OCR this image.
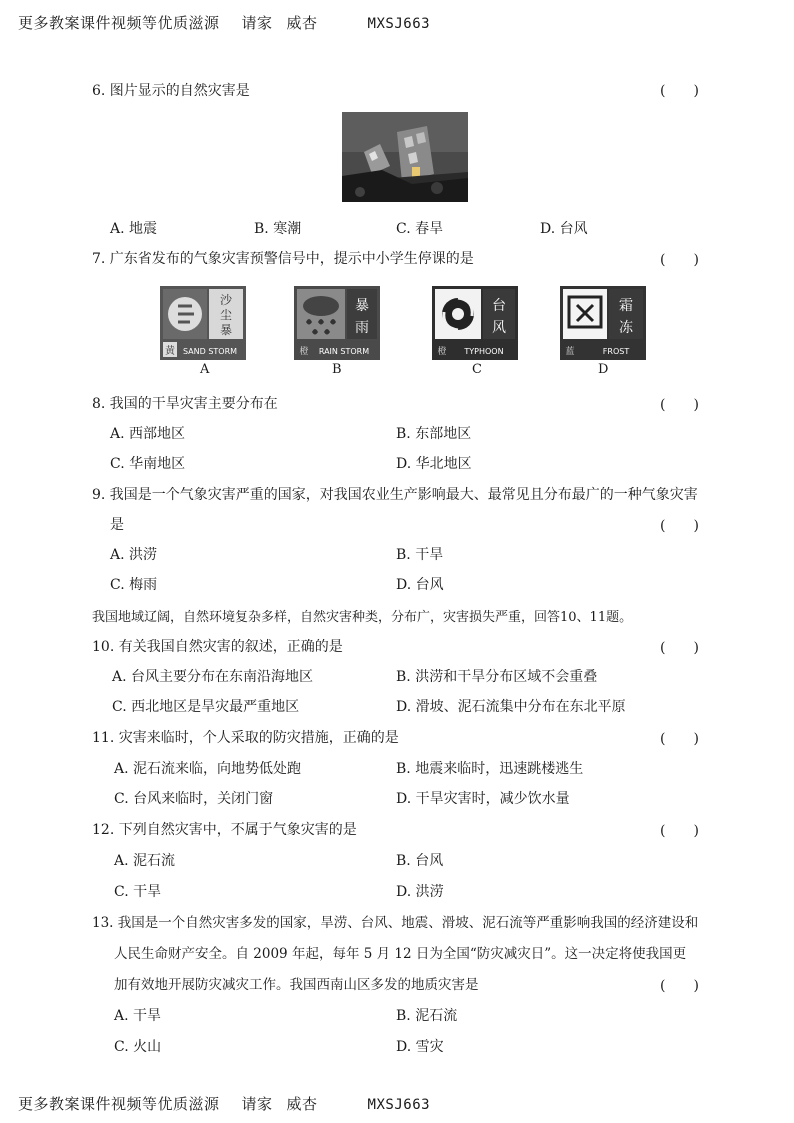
更多教案课件视频等优质滋源 请家 威杏	MXSJ663
6. 图片显示的自然灾害是	(　　)
A. 地震	B. 寒潮	C. 春旱	D. 台风
7. 广东省发布的气象灾害预警信号中，提示中小学生停课的是	(　　)
沙
尘
暴
黄 SAND STORM
A
暴
雨
橙 RAIN STORM
B
台
风
橙 TYPHOON
C
霜
冻
蓝	FROST
D
8. 我国的干旱灾害主要分布在	(　　)
A. 西部地区	B. 东部地区
C. 华南地区	D. 华北地区
9. 我国是一个气象灾害严重的国家，对我国农业生产影响最大、最常见且分布最广的一种气象灾害
是	(　　)
A. 洪涝	B. 干旱
C. 梅雨	D. 台风
我国地域辽阔，自然环境复杂多样，自然灾害种类，分布广，灾害损失严重，回答10、11题。
10. 有关我国自然灾害的叙述，正确的是	(　　)
A. 台风主要分布在东南沿海地区	B. 洪涝和干旱分布区域不会重叠
C. 西北地区是旱灾最严重地区	D. 滑坡、泥石流集中分布在东北平原
11. 灾害来临时，个人采取的防灾措施，正确的是	(　　)
A. 泥石流来临，向地势低处跑	B. 地震来临时，迅速跳楼逃生
C. 台风来临时，关闭门窗	D. 干旱灾害时，减少饮水量
12. 下列自然灾害中，不属于气象灾害的是	(　　)
A. 泥石流	B. 台风
C. 干旱	D. 洪涝
13. 我国是一个自然灾害多发的国家，旱涝、台风、地震、滑坡、泥石流等严重影响我国的经济建设和
人民生命财产安全。自 2009 年起，每年 5 月 12 日为全国“防灾减灾日”。这一决定将使我国更
加有效地开展防灾减灾工作。我国西南山区多发的地质灾害是	(　　)
A. 干旱	B. 泥石流
C. 火山	D. 雪灾
更多教案课件视频等优质滋源 请家 威杏	MXSJ663
